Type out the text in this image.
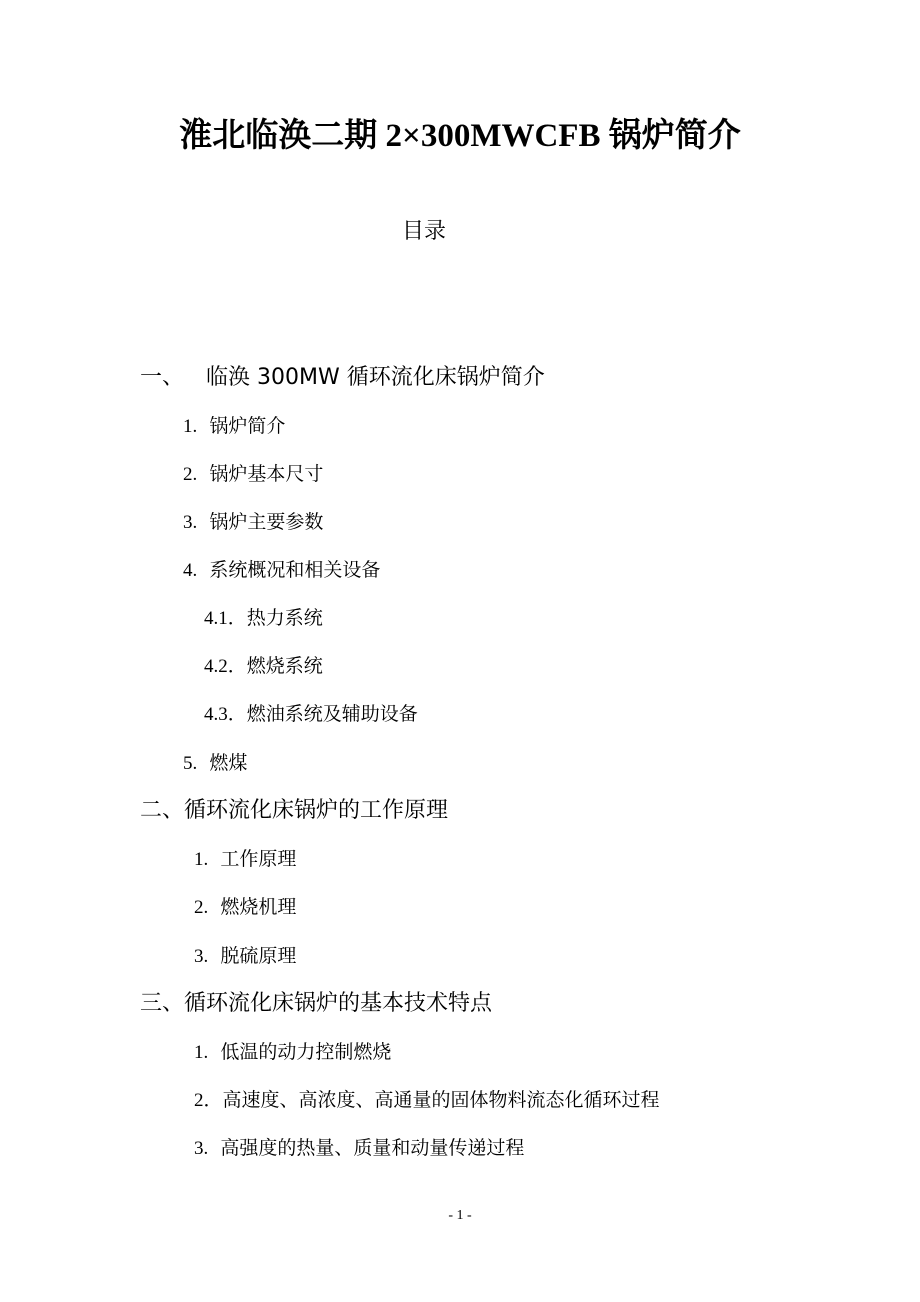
淮北临涣二期 2×300MWCFB 锅炉简介
目录
一、 临涣 300MW 循环流化床锅炉简介
1. 锅炉简介
2. 锅炉基本尺寸
3. 锅炉主要参数
4. 系统概况和相关设备
4.1．热力系统
4.2．燃烧系统
4.3．燃油系统及辅助设备
5. 燃煤
二、循环流化床锅炉的工作原理
1. 工作原理
2. 燃烧机理
3. 脱硫原理
三、循环流化床锅炉的基本技术特点
1. 低温的动力控制燃烧
2．高速度、高浓度、高通量的固体物料流态化循环过程
3. 高强度的热量、质量和动量传递过程
- 1 -
